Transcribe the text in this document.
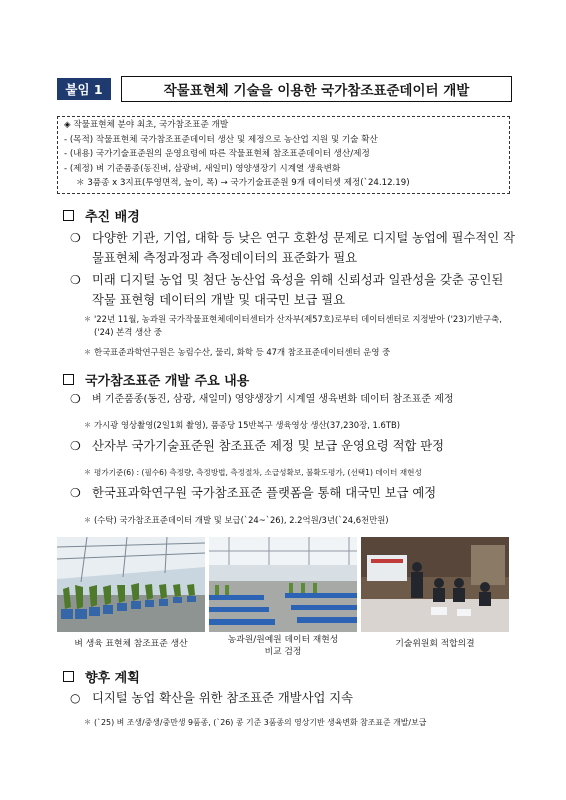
붙임 1	작물표현체 기술을 이용한 국가참조표준데이터 개발
◈ 작물표현체 분야 최초, 국가참조표준 개발
- (목적) 작물표현체 국가참조표준데이터 생산 및 제정으로 농산업 지원 및 기술 확산
- (내용) 국가기술표준원의 운영요령에 따른 작물표현체 참조표준데이터 생산/제정
- (제정) 벼 기준품종(동진벼, 삼광벼, 새일미) 영양생장기 시계열 생육변화
＊ 3품종 x 3지표(투영면적, 높이, 폭) → 국가기술표준원 9개 데이터셋 제정(`24.12.19)
추진 배경
❍ 다양한 기관, 기업, 대학 등 낮은 연구 호환성 문제로 디지털 농업에 필수적인 작물표현체 측정과정과 측정데이터의 표준화가 필요
❍ 미래 디지털 농업 및 첨단 농산업 육성을 위해 신뢰성과 일관성을 갖춘 공인된 작물 표현형 데이터의 개발 및 대국민 보급 필요
＊ '22년 11월, 농과원 국가작물표현체데이터센터가 산자부(제57호)로부터 데이터센터로 지정받아 ('23)기반구축, ('24) 본격 생산 중
＊ 한국표준과학연구원은 농림수산, 물리, 화학 등 47개 참조표준데이터센터 운영 중
국가참조표준 개발 주요 내용
❍ 벼 기준품종(동진, 삼광, 새일미) 영양생장기 시계열 생육변화 데이터 참조표준 제정
＊ 가시광 영상촬영(2일1회 촬영), 품종당 15반복구 생육영상 생산(37,230장, 1.6TB)
❍ 산자부 국가기술표준원 참조표준 제정 및 보급 운영요령 적합 판정
＊ 평가기준(6) : (필수6) 측정량, 측정방법, 측정절차, 소급성확보, 불확도평가, (선택1) 데이터 재현성
❍ 한국표과학연구원 국가참조표준 플랫폼을 통해 대국민 보급 예정
＊ (수탁) 국가참조표준데이터 개발 및 보급(`24~`26), 2.2억원/3년(`24,6천만원)
벼 생육 표현체 참조표준 생산	농과원/원예원 데이터 재현성
비교 검정
기술위원회 적합의결
향후 계획
○ 디지털 농업 확산을 위한 참조표준 개발사업 지속
＊ (`25) 벼 조생/중생/중만생 9품종, (`26) 콩 기준 3품종의 영상기반 생육변화 참조표준 개발/보급
